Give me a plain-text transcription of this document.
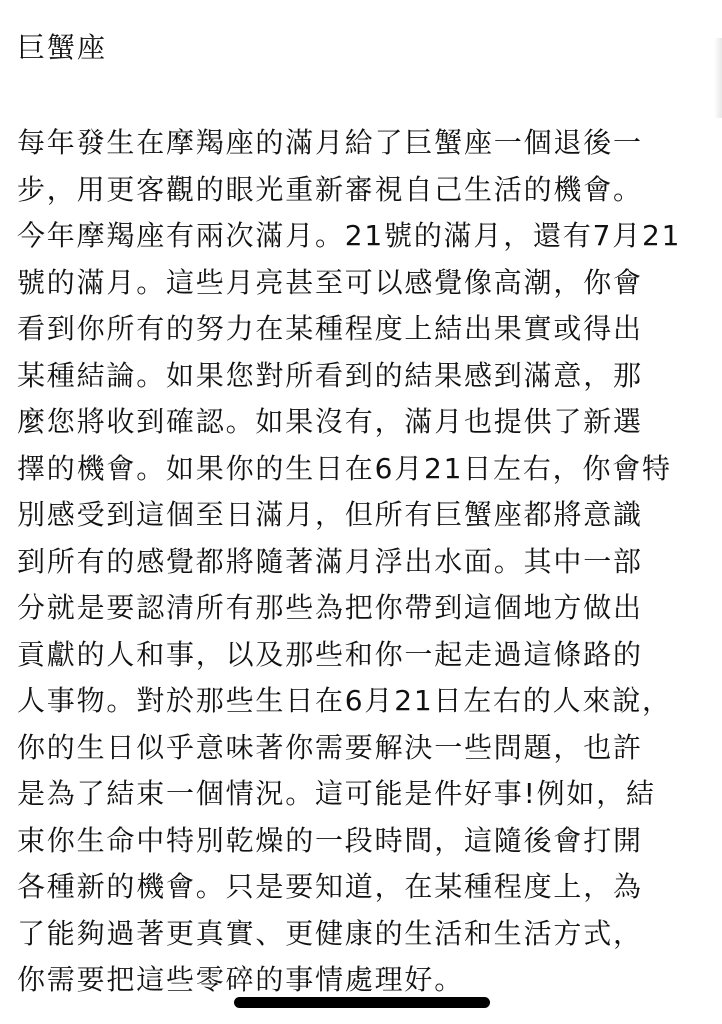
巨蟹座
每年發生在摩羯座的滿月給了巨蟹座一個退後一
步，用更客觀的眼光重新審視自己生活的機會。
今年摩羯座有兩次滿月。21號的滿月，還有7月21
號的滿月。這些月亮甚至可以感覺像高潮，你會
看到你所有的努力在某種程度上結出果實或得出
某種結論。如果您對所看到的結果感到滿意，那
麼您將收到確認。如果沒有，滿月也提供了新選
擇的機會。如果你的生日在6月21日左右，你會特
別感受到這個至日滿月，但所有巨蟹座都將意識
到所有的感覺都將隨著滿月浮出水面。其中一部
分就是要認清所有那些為把你帶到這個地方做出
貢獻的人和事，以及那些和你一起走過這條路的
人事物。對於那些生日在6月21日左右的人來說，
你的生日似乎意味著你需要解決一些問題，也許
是為了結束一個情況。這可能是件好事!例如，結
束你生命中特別乾燥的一段時間，這隨後會打開
各種新的機會。只是要知道，在某種程度上，為
了能夠過著更真實、更健康的生活和生活方式，
你需要把這些零碎的事情處理好。
